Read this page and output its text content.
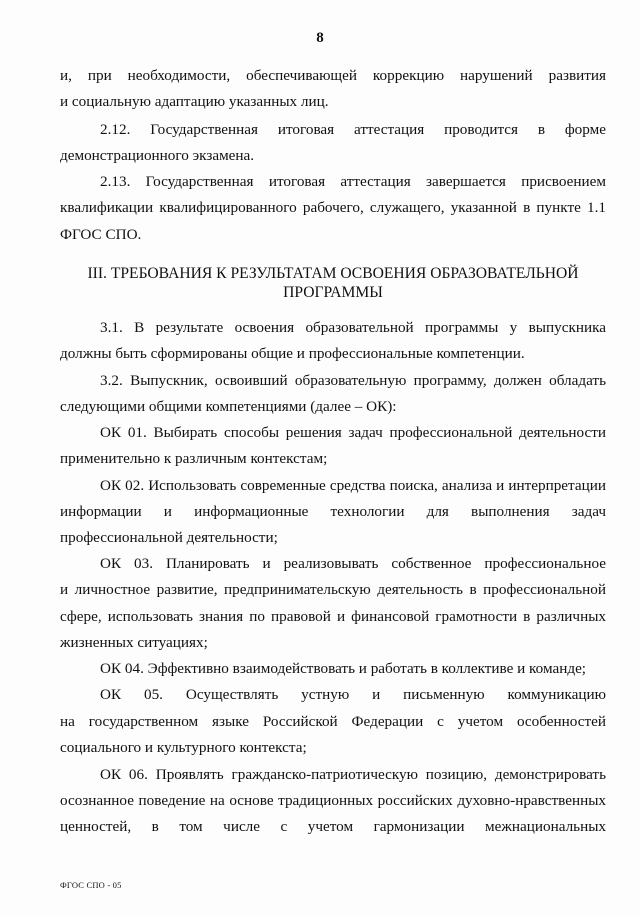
8
III. ТРЕБОВАНИЯ К РЕЗУЛЬТАТАМ ОСВОЕНИЯ ОБРАЗОВАТЕЛЬНОЙ
ПРОГРАММЫ
и, при необходимости, обеспечивающей коррекцию нарушений развития
и социальную адаптацию указанных лиц.
2.12. Государственная итоговая аттестация проводится в форме
демонстрационного экзамена.
2.13. Государственная итоговая аттестация завершается присвоением
квалификации квалифицированного рабочего, служащего, указанной в пункте 1.1
ФГОС СПО.
3.1. В результате освоения образовательной программы у выпускника
должны быть сформированы общие и профессиональные компетенции.
3.2. Выпускник, освоивший образовательную программу, должен обладать
следующими общими компетенциями (далее – ОК):
ОК 01. Выбирать способы решения задач профессиональной деятельности
применительно к различным контекстам;
ОК 02. Использовать современные средства поиска, анализа и интерпретации
информации и информационные технологии для выполнения задач
профессиональной деятельности;
ОК 03. Планировать и реализовывать собственное профессиональное
и личностное развитие, предпринимательскую деятельность в профессиональной
сфере, использовать знания по правовой и финансовой грамотности в различных
жизненных ситуациях;
ОК 04. Эффективно взаимодействовать и работать в коллективе и команде;
ОК 05. Осуществлять устную и письменную коммуникацию
на государственном языке Российской Федерации с учетом особенностей
социального и культурного контекста;
ОК 06. Проявлять гражданско-патриотическую позицию, демонстрировать
осознанное поведение на основе традиционных российских духовно-нравственных
ценностей, в том числе с учетом гармонизации межнациональных
ФГОС СПО - 05
